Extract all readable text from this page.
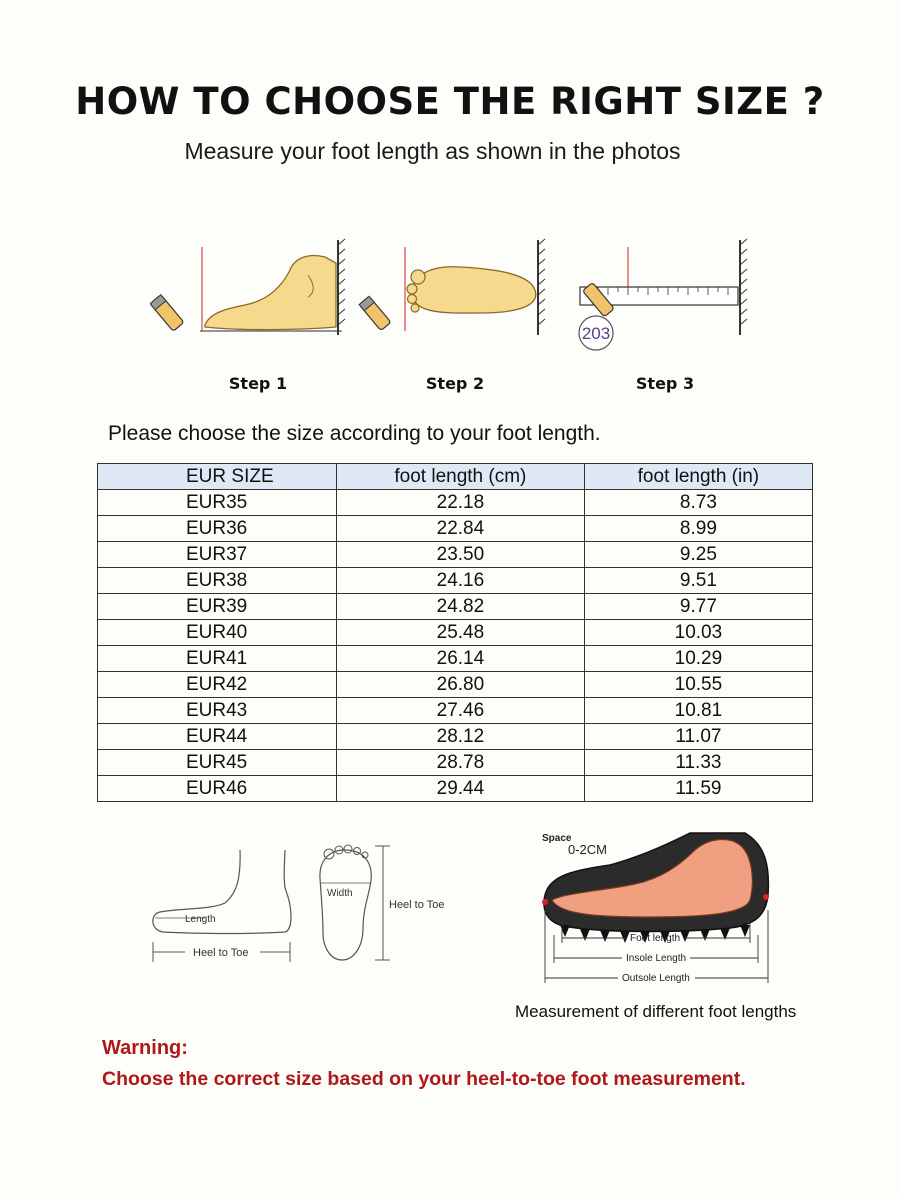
HOW TO CHOOSE THE RIGHT SIZE ?
Measure your foot length as shown in the photos
203
Step 1	Step 2	Step 3
Please choose the size according to your foot length.
EUR SIZE	foot length (cm)	foot length (in)
EUR35	22.18	8.73
EUR36	22.84	8.99
EUR37	23.50	9.25
EUR38	24.16	9.51
EUR39	24.82	9.77
EUR40	25.48	10.03
EUR41	26.14	10.29
EUR42	26.80	10.55
EUR43	27.46	10.81
EUR44	28.12	11.07
EUR45	28.78	11.33
EUR46	29.44	11.59
Length
Heel to Toe
Width
Heel to Toe
Space
0-2CM
Foot length
Insole Length
Outsole Length
Measurement of different foot lengths
Warning:
Choose the correct size based on your heel-to-toe foot measurement.
